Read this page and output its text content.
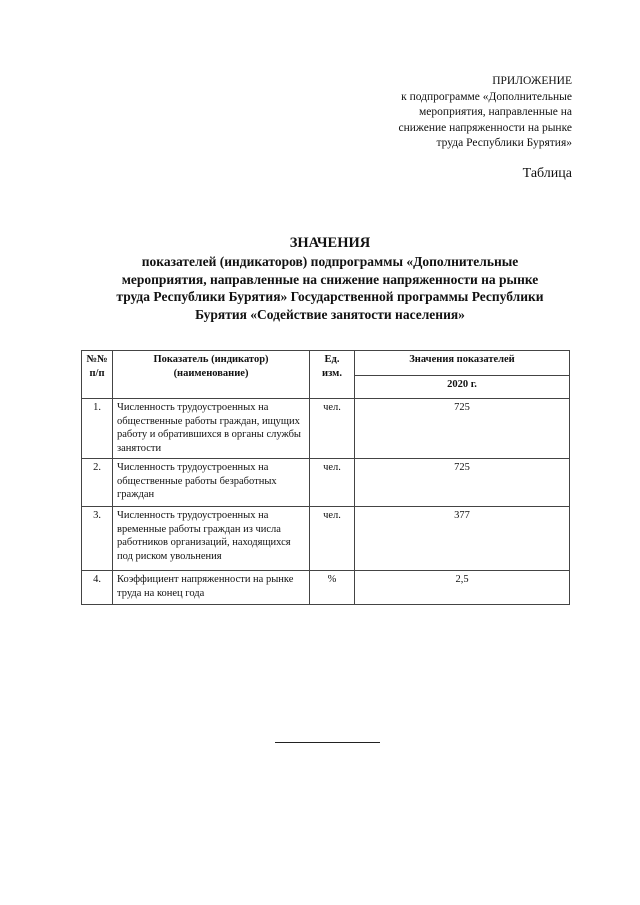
ПРИЛОЖЕНИЕ
к подпрограмме «Дополнительные
мероприятия, направленные на
снижение напряженности на рынке
труда Республики Бурятия»
Таблица
ЗНАЧЕНИЯ
показателей (индикаторов) подпрограммы «Дополнительные
мероприятия, направленные на снижение напряженности на рынке
труда Республики Бурятия» Государственной программы Республики
Бурятия «Содействие занятости населения»
№№ п/п	Показатель (индикатор) (наименование)	Ед. изм.	Значения показателей
			2020 г.
1.	Численность трудоустроенных на общественные работы граждан, ищущих работу и обратившихся в органы службы занятости	чел.	725
2.	Численность трудоустроенных на общественные работы безработных граждан	чел.	725
3.	Численность трудоустроенных на временные работы граждан из числа работников организаций, находящихся под риском увольнения	чел.	377
4.	Коэффициент напряженности на рынке труда на конец года	%	2,5
